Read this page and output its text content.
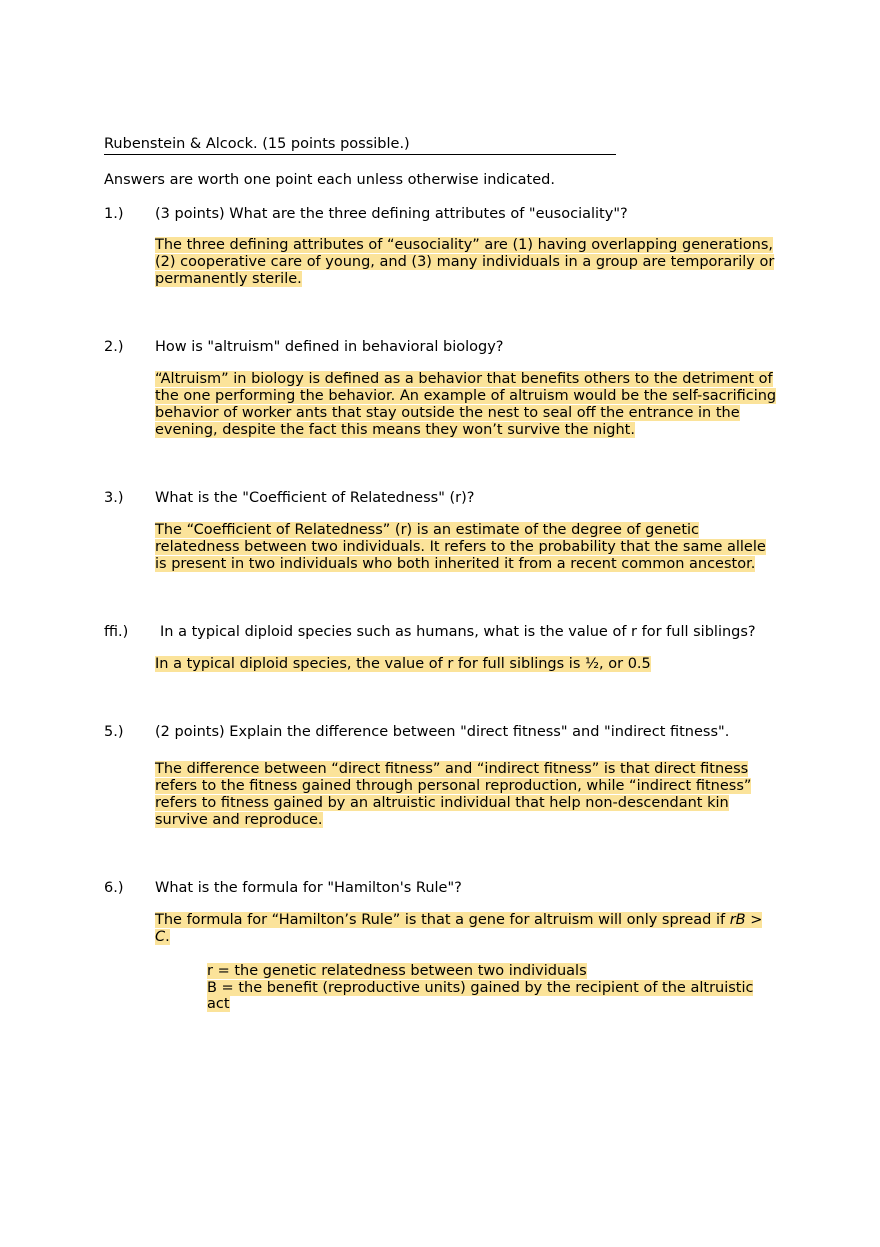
Rubenstein & Alcock. (15 points possible.)
Answers are worth one point each unless otherwise indicated.
1.) (3 points) What are the three defining attributes of "eusociality"?
The three defining attributes of “eusociality” are (1) having overlapping generations, (2) cooperative care of young, and (3) many individuals in a group are temporarily or permanently sterile.
2.) How is "altruism" defined in behavioral biology?
“Altruism” in biology is defined as a behavior that benefits others to the detriment of the one performing the behavior. An example of altruism would be the self-sacrificing behavior of worker ants that stay outside the nest to seal off the entrance in the evening, despite the fact this means they won’t survive the night.
3.) What is the "Coefficient of Relatedness" (r)?
The “Coefficient of Relatedness” (r) is an estimate of the degree of genetic relatedness between two individuals. It refers to the probability that the same allele is present in two individuals who both inherited it from a recent common ancestor.
ffi.) In a typical diploid species such as humans, what is the value of r for full siblings?
In a typical diploid species, the value of r for full siblings is ½, or 0.5
5.) (2 points) Explain the difference between "direct fitness" and "indirect fitness".
The difference between “direct fitness” and “indirect fitness” is that direct fitness refers to the fitness gained through personal reproduction, while “indirect fitness” refers to fitness gained by an altruistic individual that help non-descendant kin survive and reproduce.
6.) What is the formula for "Hamilton's Rule"?
The formula for “Hamilton’s Rule” is that a gene for altruism will only spread if rB > C.
r = the genetic relatedness between two individuals
B = the benefit (reproductive units) gained by the recipient of the altruistic act
